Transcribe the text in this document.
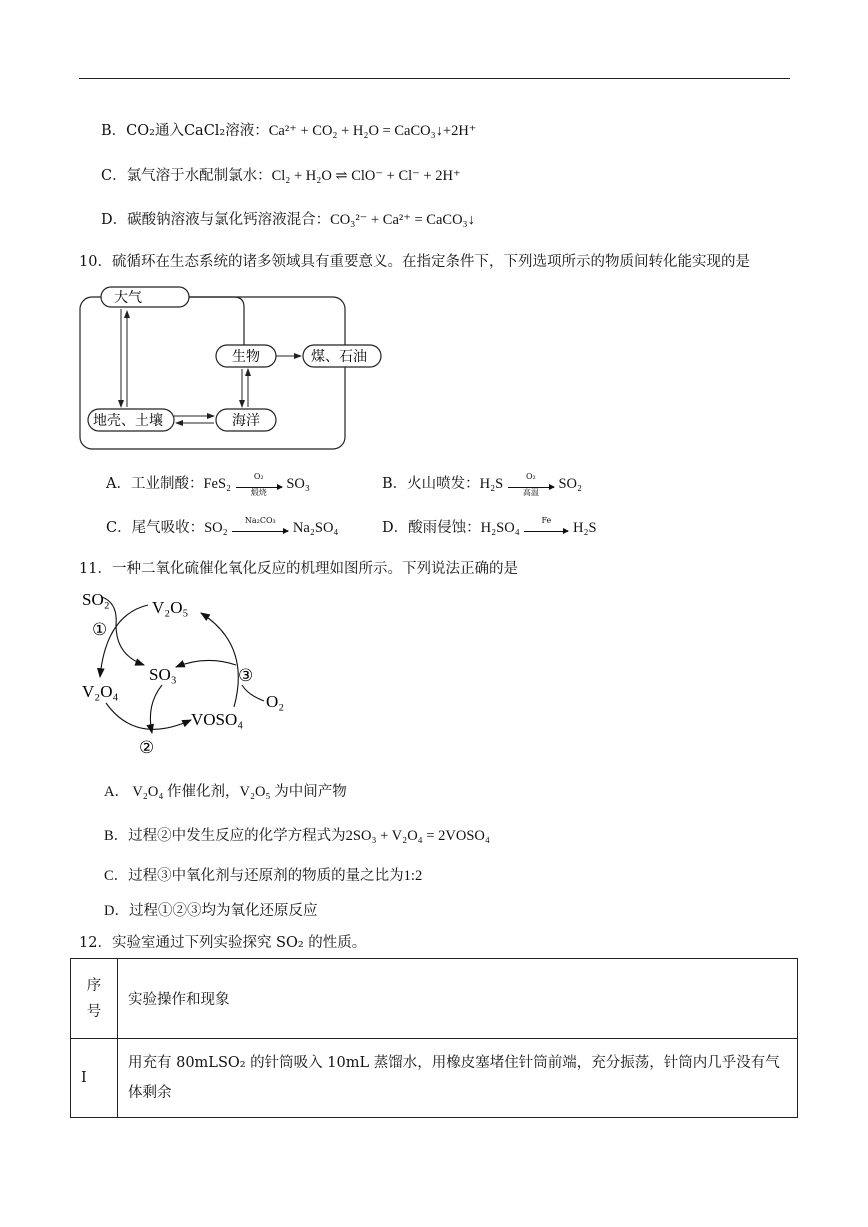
B．CO₂通入CaCl₂溶液：Ca²⁺ + CO₂ + H₂O = CaCO₃↓+2H⁺
C．氯气溶于水配制氯水：Cl₂ + H₂O ⇌ ClO⁻ + Cl⁻ + 2H⁺
D．碳酸钠溶液与氯化钙溶液混合：CO₃²⁻ + Ca²⁺ = CaCO₃↓
10．硫循环在生态系统的诸多领域具有重要意义。在指定条件下，下列选项所示的物质间转化能实现的是
大气
生物	煤、石油
地壳、土壤	海洋
A．工业制酸：FeS₂	O₂
煅烧	SO₃	B．火山喷发：H₂S	O₂
高温	SO₂
C．尾气吸收：SO₂	Na₂CO₃	Na₂SO₄	D．酸雨侵蚀：H₂SO₄	Fe	H₂S
11．一种二氧化硫催化氧化反应的机理如图所示。下列说法正确的是
SO₂ V₂O₅
SO₃
V₂O₄
VOSO₄
O₂
①
②
③
A． V₂O₄ 作催化剂，V₂O₅ 为中间产物
B．过程②中发生反应的化学方程式为2SO₃ + V₂O₄ = 2VOSO₄
C．过程③中氧化剂与还原剂的物质的量之比为1:2
D．过程①②③均为氧化还原反应
12．实验室通过下列实验探究 SO₂ 的性质。
序号	实验操作和现象
Ⅰ	用充有 80mLSO₂ 的针筒吸入 10mL 蒸馏水，用橡皮塞堵住针筒前端，充分振荡，针筒内几乎没有气
体剩余
